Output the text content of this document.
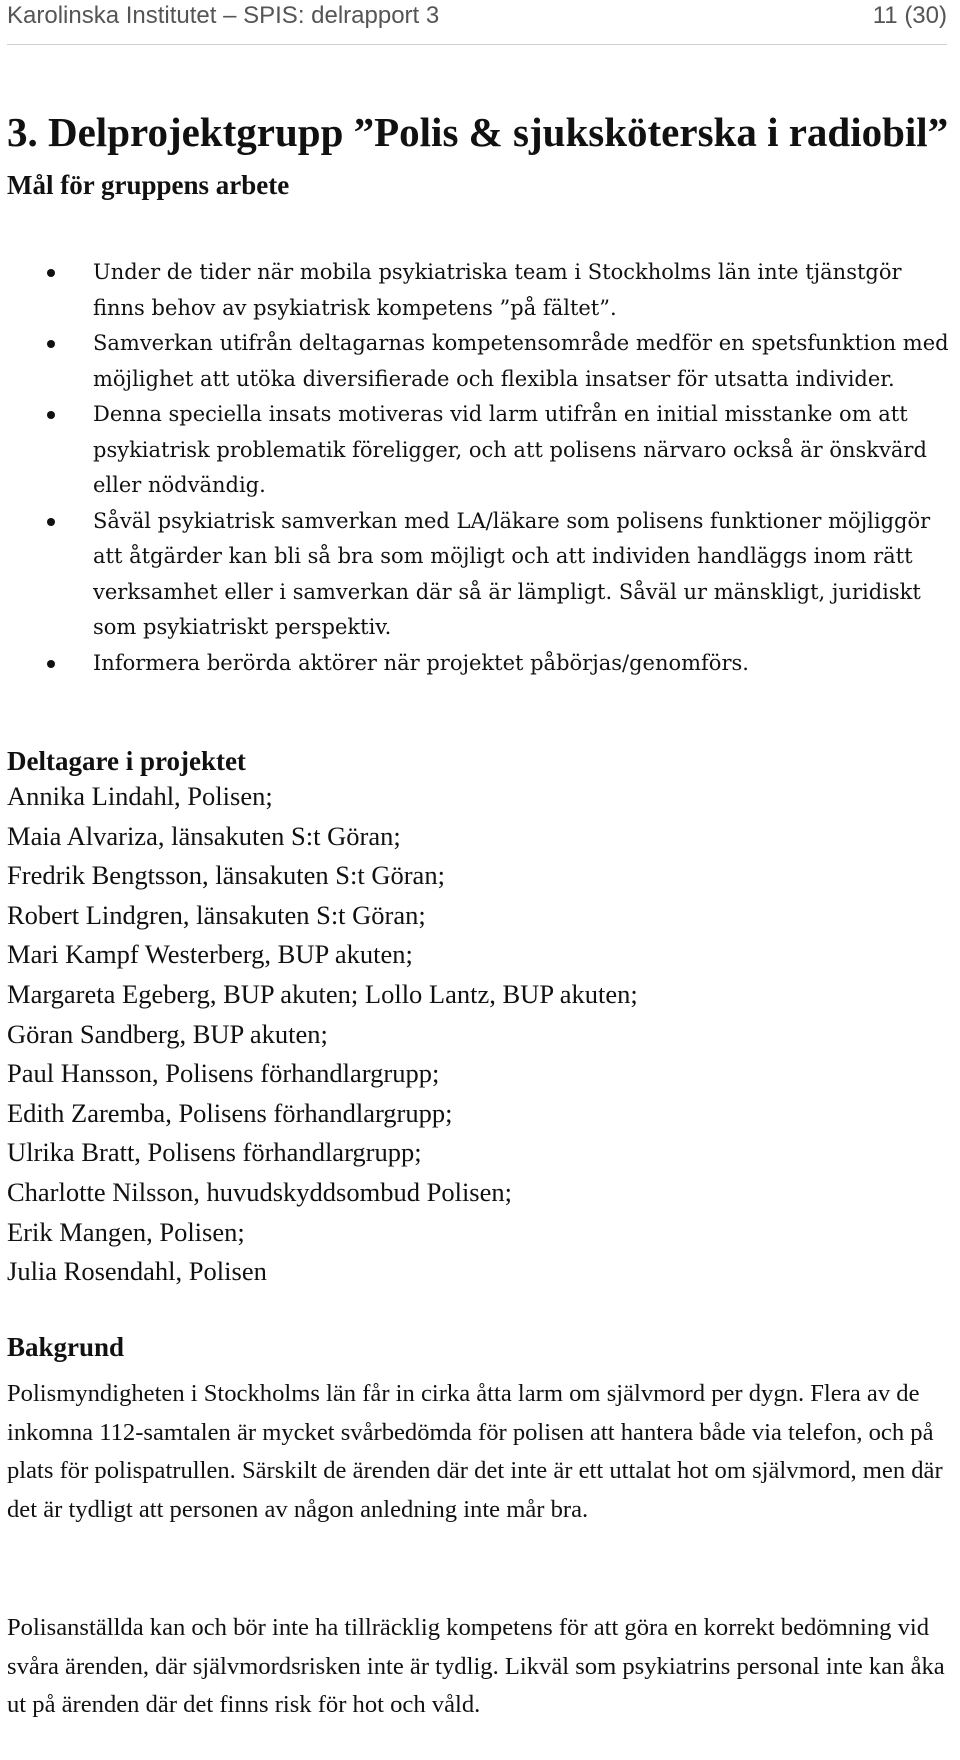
Karolinska Institutet – SPIS: delrapport 3	11 (30)
3. Delprojektgrupp ”Polis & sjuksköterska i radiobil”
Mål för gruppens arbete
Under de tider när mobila psykiatriska team i Stockholms län inte tjänstgör finns behov av psykiatrisk kompetens ”på fältet”.
Samverkan utifrån deltagarnas kompetensområde medför en spetsfunktion med möjlighet att utöka diversifierade och flexibla insatser för utsatta individer.
Denna speciella insats motiveras vid larm utifrån en initial misstanke om att psykiatrisk problematik föreligger, och att polisens närvaro också är önskvärd eller nödvändig.
Såväl psykiatrisk samverkan med LA/läkare som polisens funktioner möjliggör att åtgärder kan bli så bra som möjligt och att individen handläggs inom rätt verksamhet eller i samverkan där så är lämpligt. Såväl ur mänskligt, juridiskt som psykiatriskt perspektiv.
Informera berörda aktörer när projektet påbörjas/genomförs.
Deltagare i projektet
Annika Lindahl, Polisen;
Maia Alvariza, länsakuten S:t Göran;
Fredrik Bengtsson, länsakuten S:t Göran;
Robert Lindgren, länsakuten S:t Göran;
Mari Kampf Westerberg, BUP akuten;
Margareta Egeberg, BUP akuten; Lollo Lantz, BUP akuten;
Göran Sandberg, BUP akuten;
Paul Hansson, Polisens förhandlargrupp;
Edith Zaremba, Polisens förhandlargrupp;
Ulrika Bratt, Polisens förhandlargrupp;
Charlotte Nilsson, huvudskyddsombud Polisen;
Erik Mangen, Polisen;
Julia Rosendahl, Polisen
Bakgrund

Polismyndigheten i Stockholms län får in cirka åtta larm om självmord per dygn. Flera av de inkomna 112-samtalen är mycket svårbedömda för polisen att hantera både via telefon, och på plats för polispatrullen. Särskilt de ärenden där det inte är ett uttalat hot om självmord, men där det är tydligt att personen av någon anledning inte mår bra.

Polisanställda kan och bör inte ha tillräcklig kompetens för att göra en korrekt bedömning vid svåra ärenden, där självmordsrisken inte är tydlig. Likväl som psykiatrins personal inte kan åka ut på ärenden där det finns risk för hot och våld.
